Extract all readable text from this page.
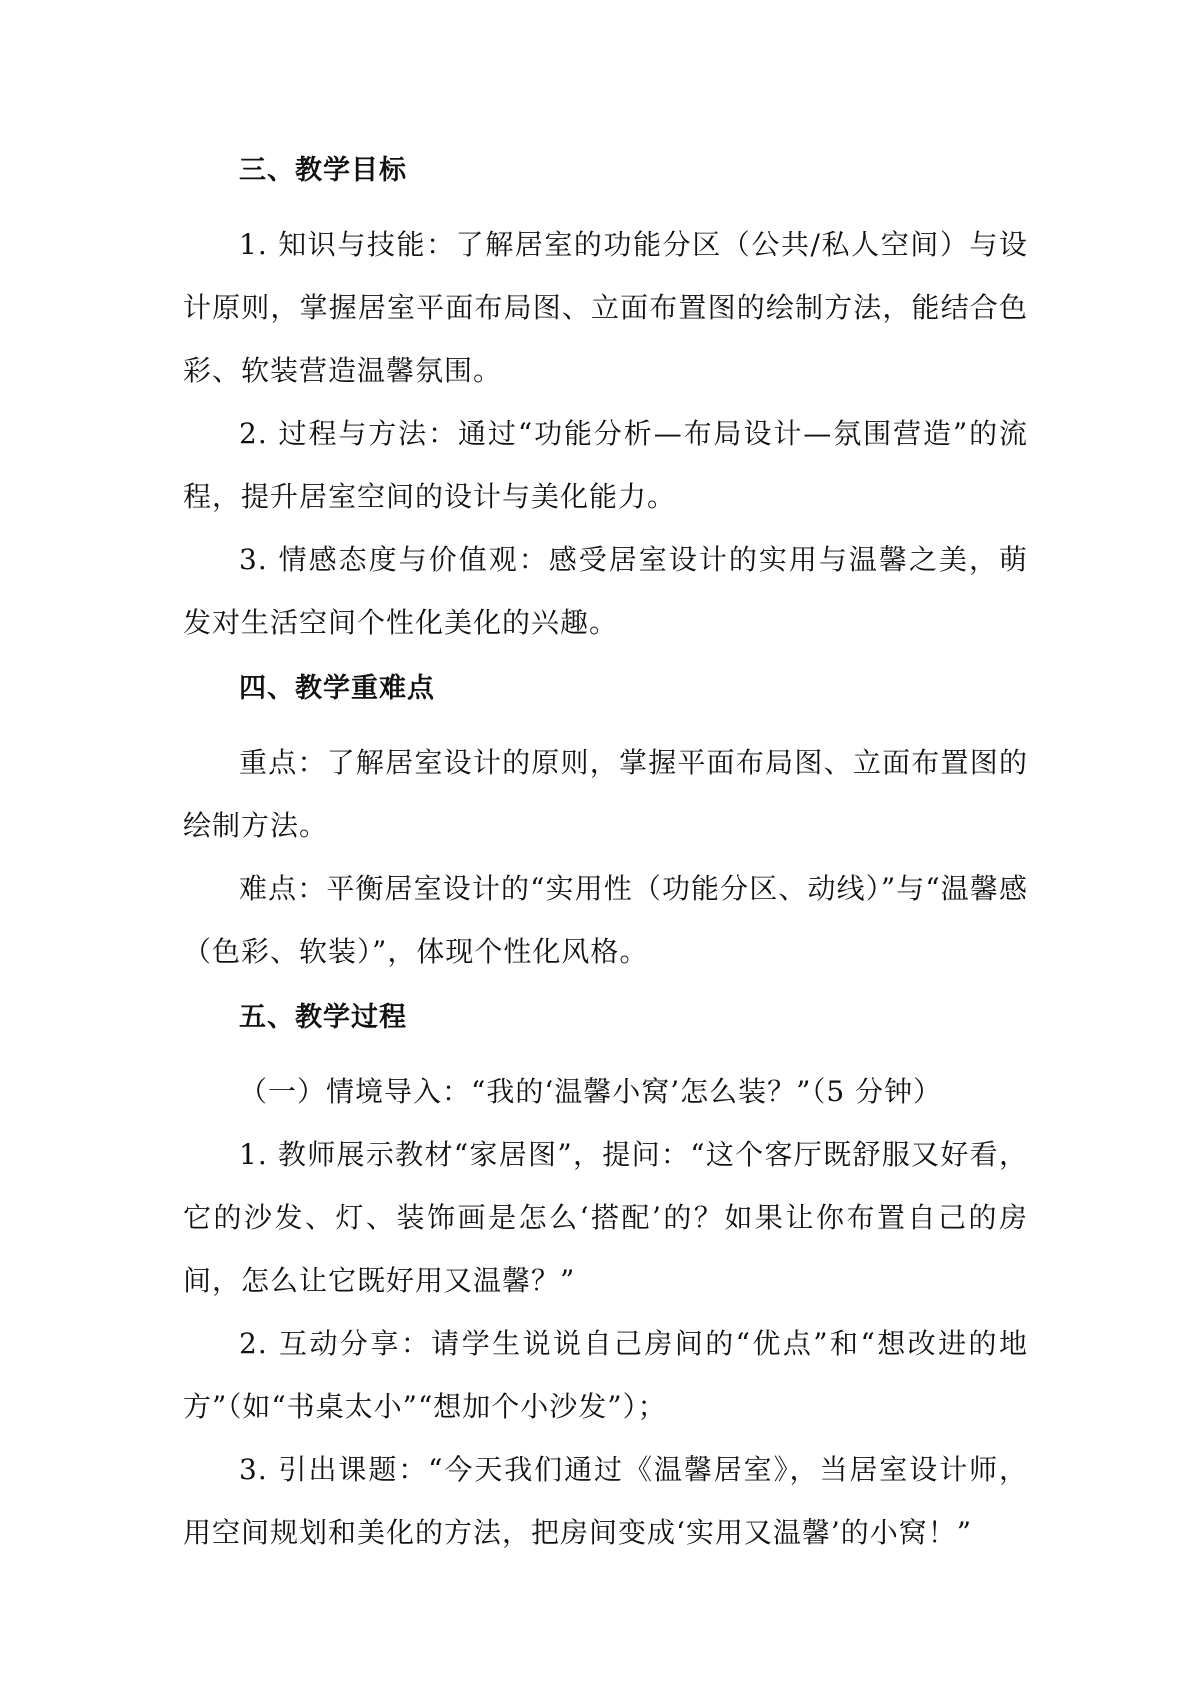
三、教学目标

1. 知识与技能：了解居室的功能分区（公共/私人空间）与设计原则，掌握居室平面布局图、立面布置图的绘制方法，能结合色彩、软装营造温馨氛围。

2. 过程与方法：通过“功能分析—布局设计—氛围营造”的流程，提升居室空间的设计与美化能力。

3. 情感态度与价值观：感受居室设计的实用与温馨之美，萌发对生活空间个性化美化的兴趣。

四、教学重难点

重点：了解居室设计的原则，掌握平面布局图、立面布置图的绘制方法。

难点：平衡居室设计的“实用性（功能分区、动线）”与“温馨感（色彩、软装）”，体现个性化风格。

五、教学过程

（一）情境导入：“我的‘温馨小窝’怎么装？”（5 分钟）

1. 教师展示教材“家居图”，提问：“这个客厅既舒服又好看，它的沙发、灯、装饰画是怎么‘搭配’的？如果让你布置自己的房间，怎么让它既好用又温馨？”

2. 互动分享：请学生说说自己房间的“优点”和“想改进的地方”（如“书桌太小”“想加个小沙发”）；

3. 引出课题：“今天我们通过《温馨居室》，当居室设计师，用空间规划和美化的方法，把房间变成‘实用又温馨’的小窝！”
